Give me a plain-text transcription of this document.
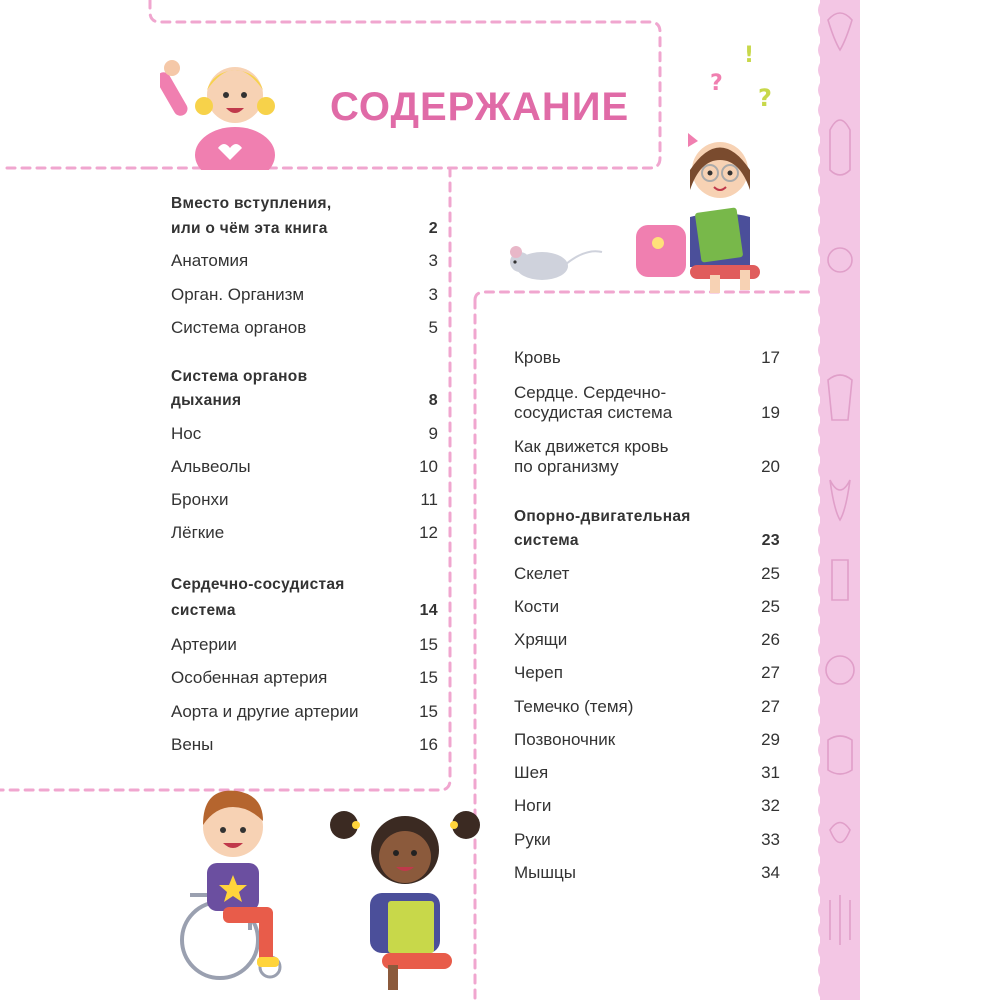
СОДЕРЖАНИЕ
?
!
?
Вместо вступления,
или о чём эта книга	2
Анатомия	3
Орган. Организм	3
Система органов	5
Система органов
дыхания	8
Нос	9
Альвеолы	10
Бронхи	11
Лёгкие	12
Сердечно-сосудистая
система	14
Артерии	15
Особенная артерия	15
Аорта и другие артерии	15
Вены	16
Кровь	17
Сердце. Сердечно-
сосудистая система	19
Как движется кровь
по организму	20
Опорно-двигательная
система	23
Скелет	25
Кости	25
Хрящи	26
Череп	27
Темечко (темя)	27
Позвоночник	29
Шея	31
Ноги	32
Руки	33
Мышцы	34
